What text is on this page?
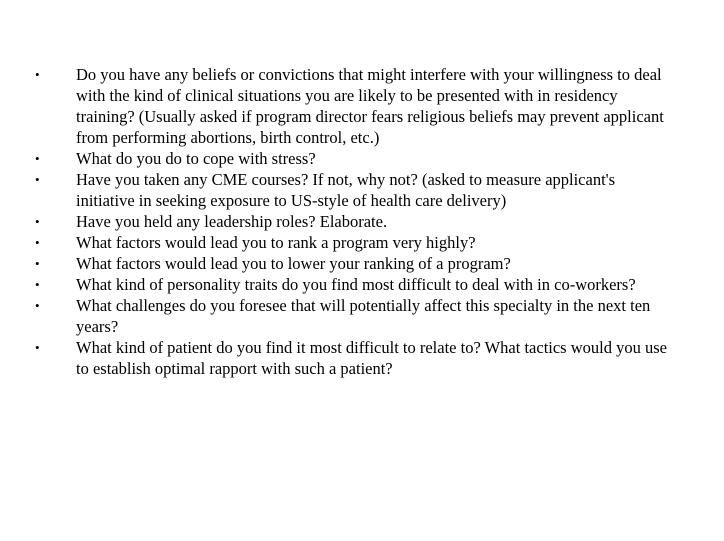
•	Do you have any beliefs or convictions that might interfere with your willingness to deal with the kind of clinical situations you are likely to be presented with in residency training? (Usually asked if program director fears religious beliefs may prevent applicant from performing abortions, birth control, etc.)
•	What do you do to cope with stress?
•	Have you taken any CME courses? If not, why not? (asked to measure applicant's initiative in seeking exposure to US-style of health care delivery)
•	Have you held any leadership roles? Elaborate.
•	What factors would lead you to rank a program very highly?
•	What factors would lead you to lower your ranking of a program?
•	What kind of personality traits do you find most difficult to deal with in co-workers?
•	What challenges do you foresee that will potentially affect this specialty in the next ten years?
•	What kind of patient do you find it most difficult to relate to? What tactics would you use to establish optimal rapport with such a patient?
